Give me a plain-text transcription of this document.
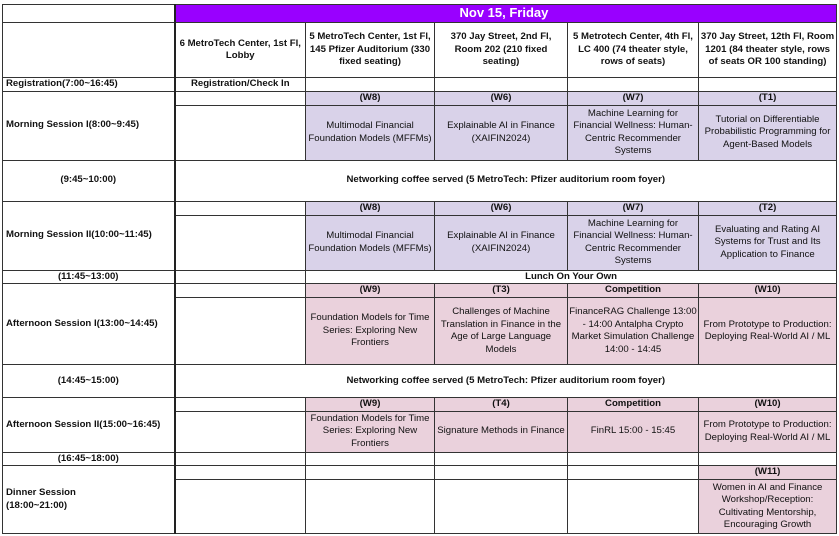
	Nov 15, Friday				
	6 MetroTech Center, 1st Fl, Lobby	5 MetroTech Center, 1st Fl, 145 Pfizer Auditorium (330 fixed seating)	370 Jay Street, 2nd Fl, Room 202 (210 fixed seating)	5 Metrotech Center, 4th Fl, LC 400 (74 theater style, rows of seats)	370 Jay Street, 12th Fl, Room 1201 (84 theater style, rows of seats OR 100 standing)
Registration(7:00~16:45)	Registration/Check In				
Morning Session I(8:00~9:45)		(W8)	(W6)	(W7)	(T1)
		Multimodal Financial Foundation Models (MFFMs)	Explainable AI in Finance (XAIFIN2024)	Machine Learning for Financial Wellness: Human-Centric Recommender Systems	Tutorial on Differentiable Probabilistic Programming for Agent-Based Models
(9:45~10:00)	Networking coffee served (5 MetroTech: Pfizer auditorium room foyer)				
Morning Session II(10:00~11:45)		(W8)	(W6)	(W7)	(T2)
		Multimodal Financial Foundation Models (MFFMs)	Explainable AI in Finance (XAIFIN2024)	Machine Learning for Financial Wellness: Human-Centric Recommender Systems	Evaluating and Rating AI Systems for Trust and Its Application to Finance
(11:45~13:00)		Lunch On Your Own			
Afternoon Session I(13:00~14:45)		(W9)	(T3)	Competition	(W10)
		Foundation Models for Time Series: Exploring New Frontiers	Challenges of Machine Translation in Finance in the Age of Large Language Models	FinanceRAG Challenge 13:00 - 14:00 Antalpha Crypto Market Simulation Challenge 14:00 - 14:45	From Prototype to Production: Deploying Real-World AI / ML
(14:45~15:00)	Networking coffee served (5 MetroTech: Pfizer auditorium room foyer)				
Afternoon Session II(15:00~16:45)		(W9)	(T4)	Competition	(W10)
		Foundation Models for Time Series: Exploring New Frontiers	Signature Methods in Finance	FinRL 15:00 - 15:45	From Prototype to Production: Deploying Real-World AI / ML
(16:45~18:00)					
Dinner Session
(18:00~21:00)					(W11)
					Women in AI and Finance Workshop/Reception: Cultivating Mentorship, Encouraging Growth
